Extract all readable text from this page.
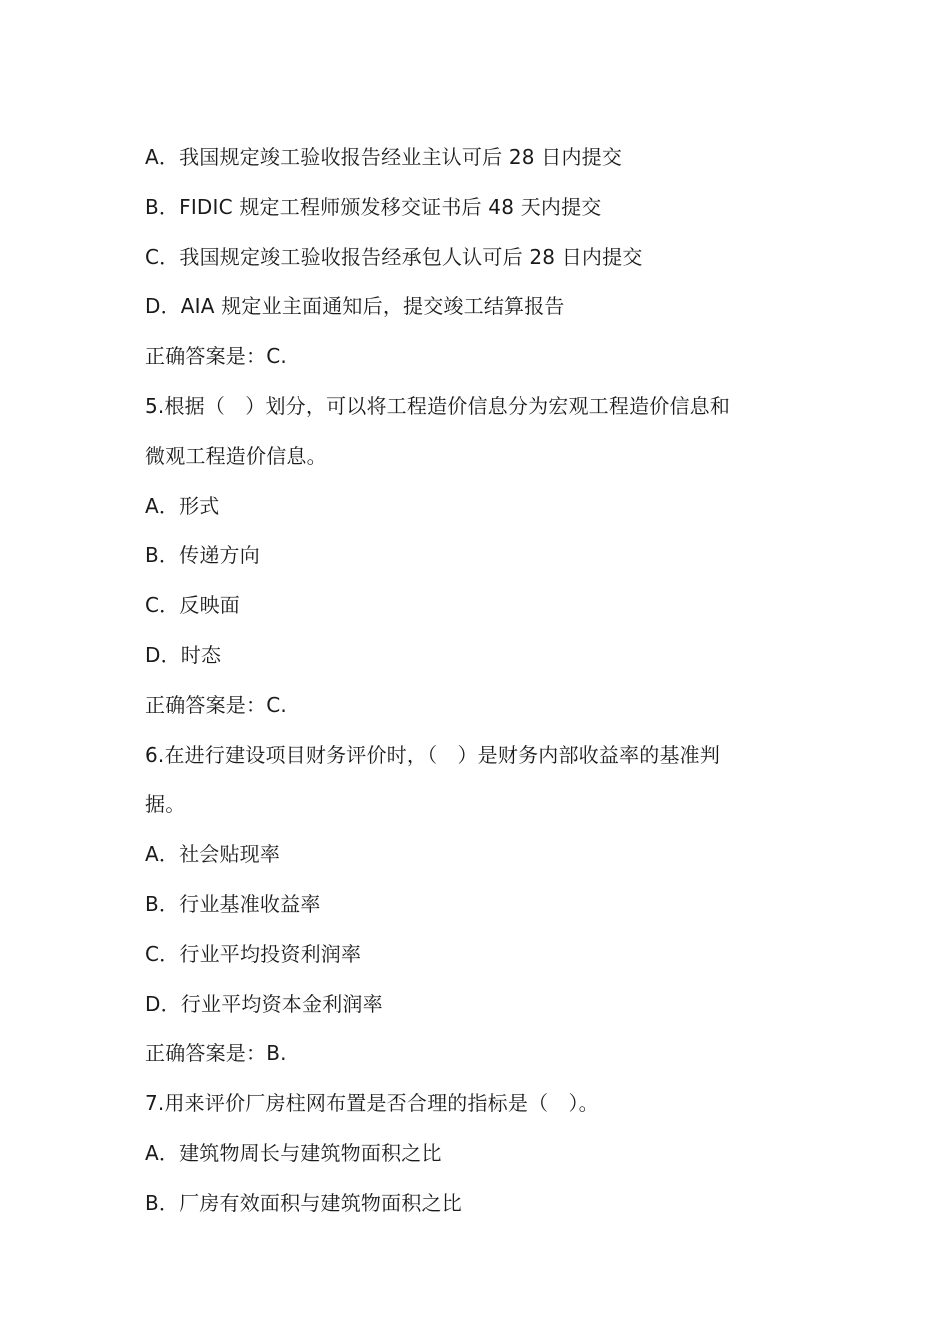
A．我国规定竣工验收报告经业主认可后 28 日内提交
B．FIDIC 规定工程师颁发移交证书后 48 天内提交
C．我国规定竣工验收报告经承包人认可后 28 日内提交
D．AIA 规定业主面通知后，提交竣工结算报告
正确答案是：C.
5.根据（　）划分，可以将工程造价信息分为宏观工程造价信息和
微观工程造价信息。
A．形式
B．传递方向
C．反映面
D．时态
正确答案是：C.
6.在进行建设项目财务评价时，（　）是财务内部收益率的基准判
据。
A．社会贴现率
B．行业基准收益率
C．行业平均投资利润率
D．行业平均资本金利润率
正确答案是：B.
7.用来评价厂房柱网布置是否合理的指标是（　）。
A．建筑物周长与建筑物面积之比
B．厂房有效面积与建筑物面积之比
